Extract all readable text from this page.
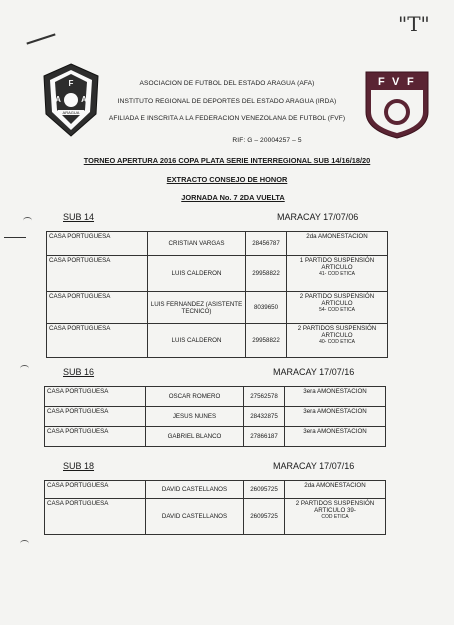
"T"
F
A	A
ARAGUA
F V F
ASOCIACION DE FUTBOL DEL ESTADO ARAGUA (AFA)
INSTITUTO REGIONAL DE DEPORTES DEL ESTADO ARAGUA (IRDA)
AFILIADA E INSCRITA A LA FEDERACION VENEZOLANA DE FUTBOL (FVF)
RIF: G – 20004257 – 5
TORNEO APERTURA 2016 COPA PLATA SERIE INTERREGIONAL SUB 14/16/18/20
EXTRACTO CONSEJO DE HONOR
JORNADA No. 7 2DA VUELTA
SUB 14	MARACAY 17/07/06
CASA PORTUGUESA	CRISTIAN VARGAS	28456787	2da AMONESTACION
CASA PORTUGUESA	LUIS CALDERON	29958822	1 PARTIDO SUSPENSIÓN ARTICULO
41- COD ETICA

CASA PORTUGUESA	LUIS FERNANDEZ (ASISTENTE TECNICO)	8039650	2 PARTIDO SUSPENSIÓN ARTICULO
54- COD ETICA

CASA PORTUGUESA	LUIS CALDERON	29958822	2 PARTIDOS SUSPENSIÓN ARTICULO
40- COD ETICA
SUB 16	MARACAY 17/07/16
CASA PORTUGUESA	OSCAR ROMERO	27562578	3era AMONESTACION
CASA PORTUGUESA	JESUS NUNES	28432875	3era AMONESTACION
CASA PORTUGUESA	GABRIEL BLANCO	27866187	3era AMONESTACION
SUB 18	MARACAY 17/07/16
CASA PORTUGUESA	DAVID CASTELLANOS	26095725	2da AMONESTACION
CASA PORTUGUESA	DAVID CASTELLANOS	26095725	2 PARTIDOS SUSPENSIÓN ARTICULO 39-
COD ETICA
